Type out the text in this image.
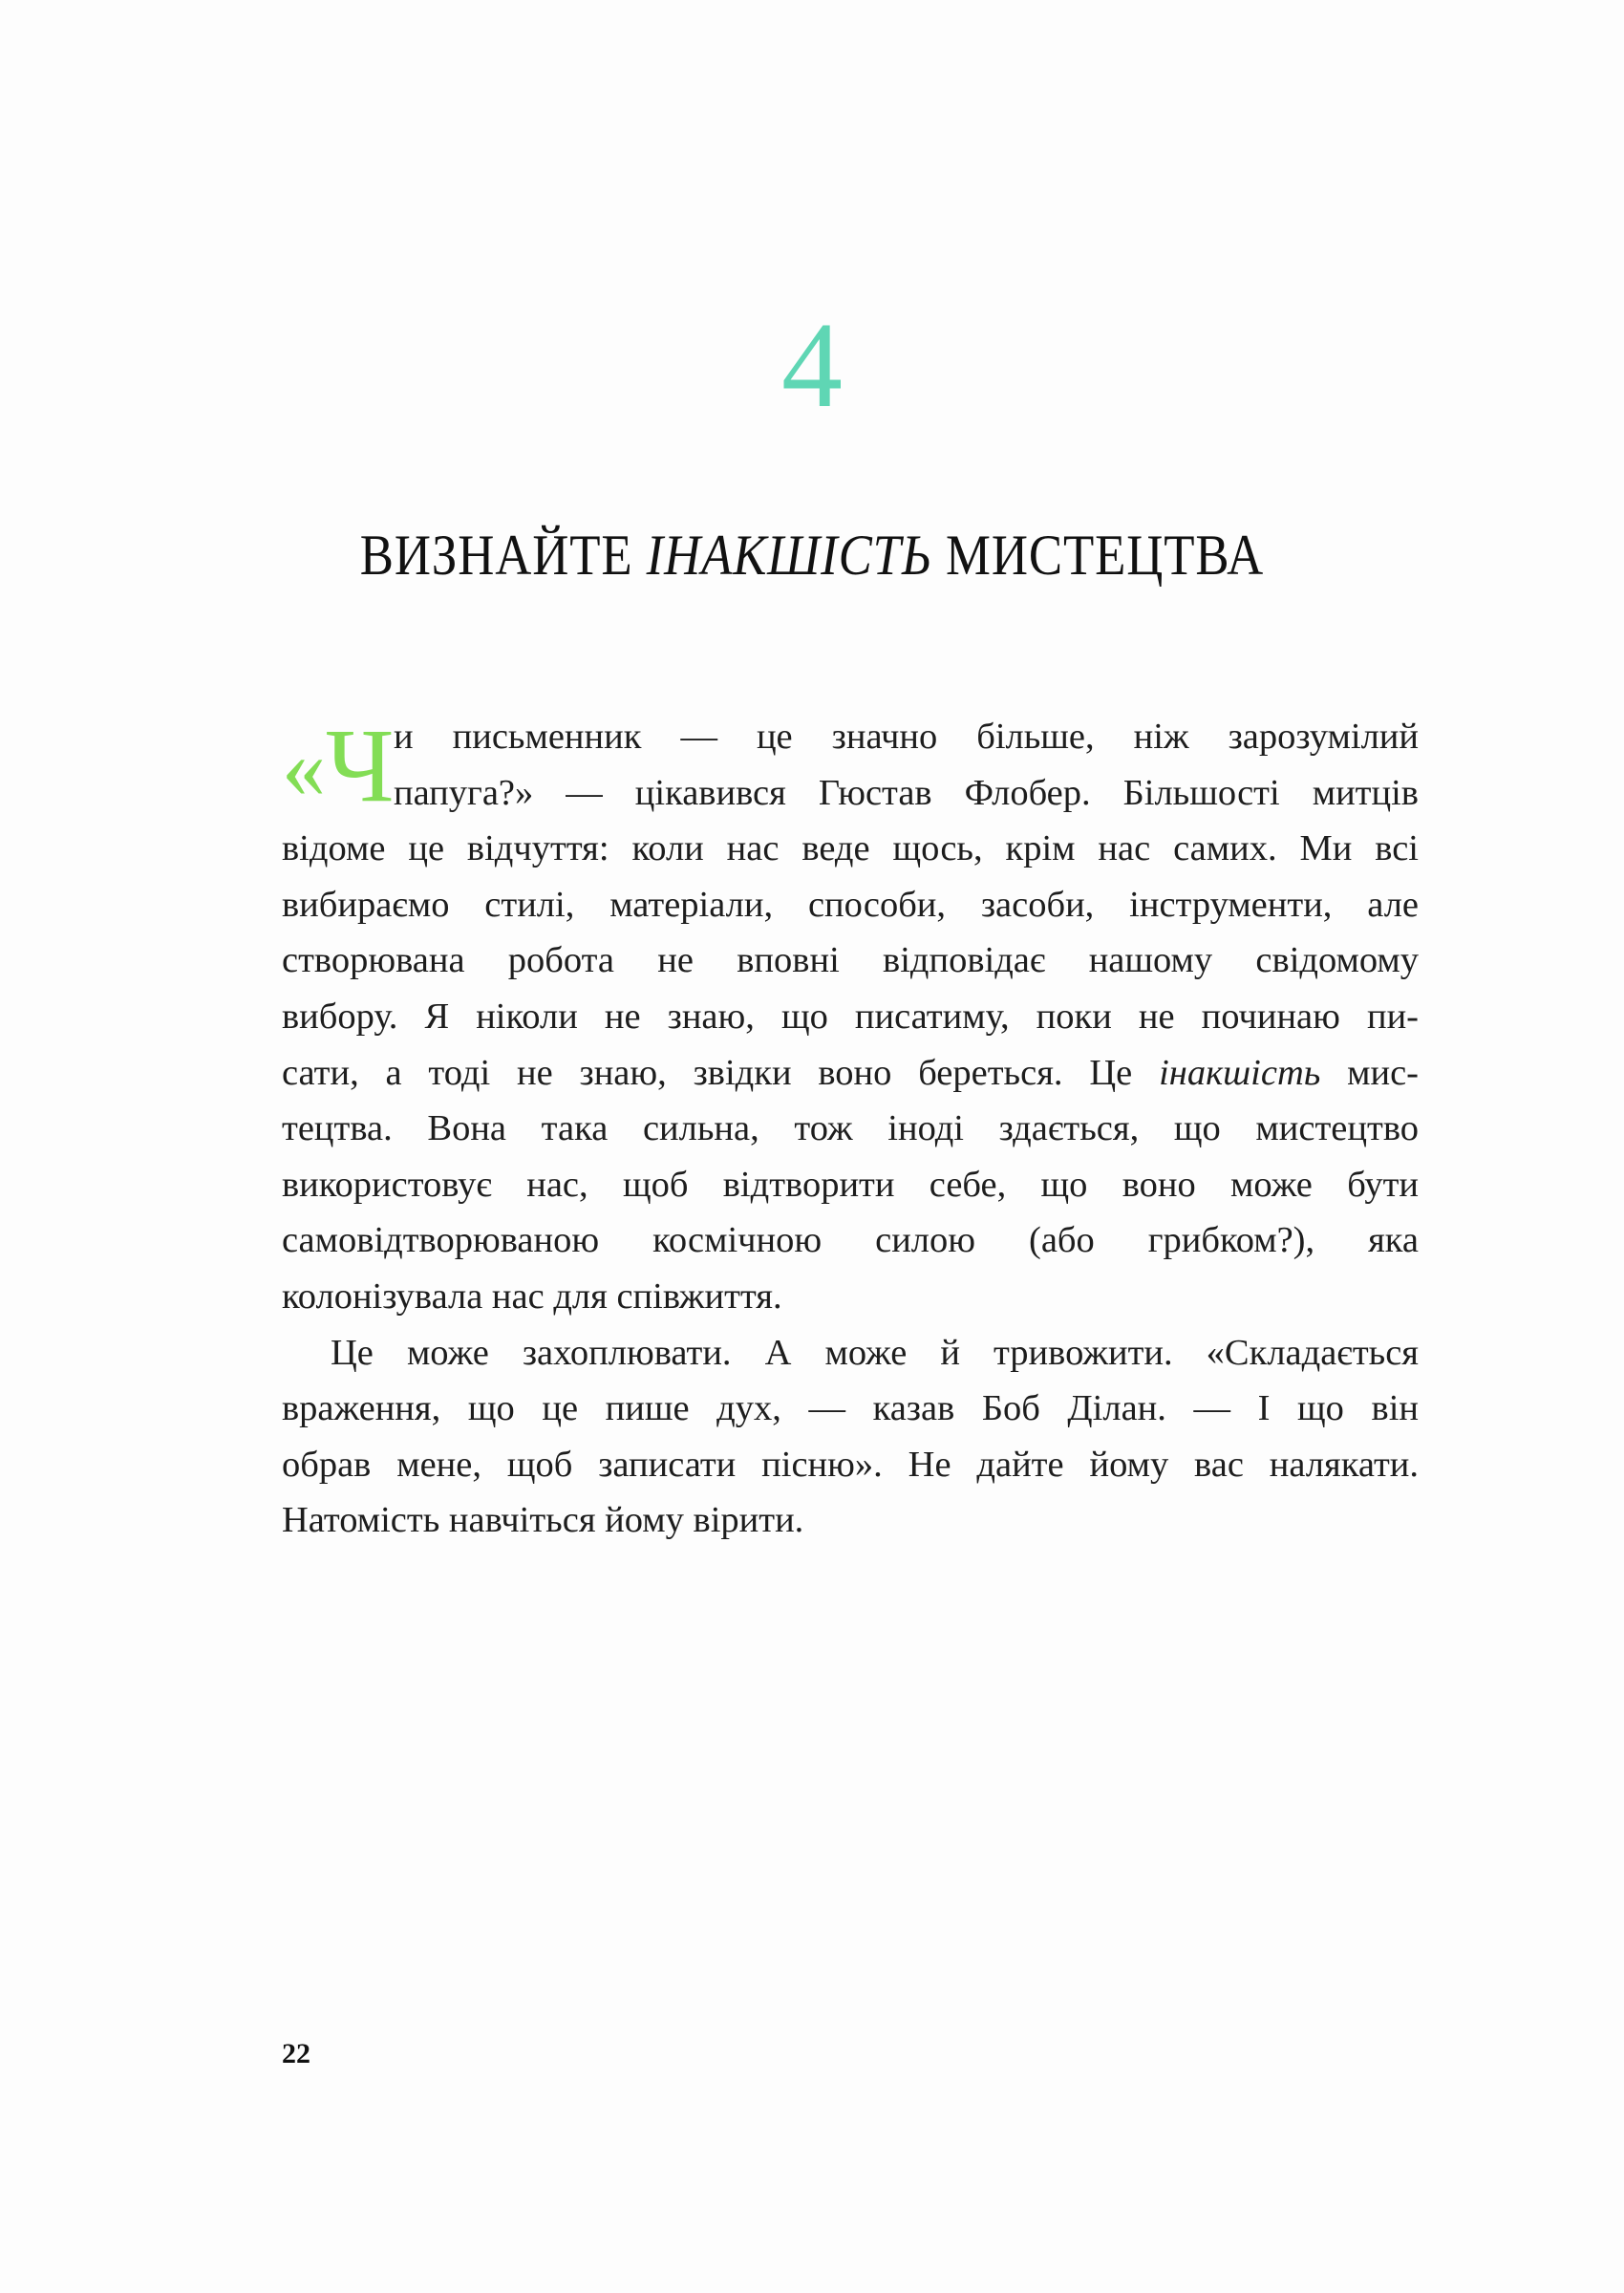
4
ВИЗНАЙТЕ ІНАКШІСТЬ МИСТЕЦТВА
«Ч и письменник — це значно більше, ніж зарозумілий
папуга?» — цікавився Гюстав Флобер. Більшості митців
відоме це відчуття: коли нас веде щось, крім нас самих. Ми всі
вибираємо стилі, матеріали, способи, засоби, інструменти, але
створювана робота не вповні відповідає нашому свідомому
вибору. Я ніколи не знаю, що писатиму, поки не починаю пи-
сати, а тоді не знаю, звідки воно береться. Це інакшість мис-
тецтва. Вона така сильна, тож іноді здається, що мистецтво
використовує нас, щоб відтворити себе, що воно може бути
самовідтворюваною космічною силою (або грибком?), яка
колонізувала нас для співжиття.
Це може захоплювати. А може й тривожити. «Складається
враження, що це пише дух, — казав Боб Ділан. — І що він
обрав мене, щоб записати пісню». Не дайте йому вас налякати.
Натомість навчіться йому вірити.
22
